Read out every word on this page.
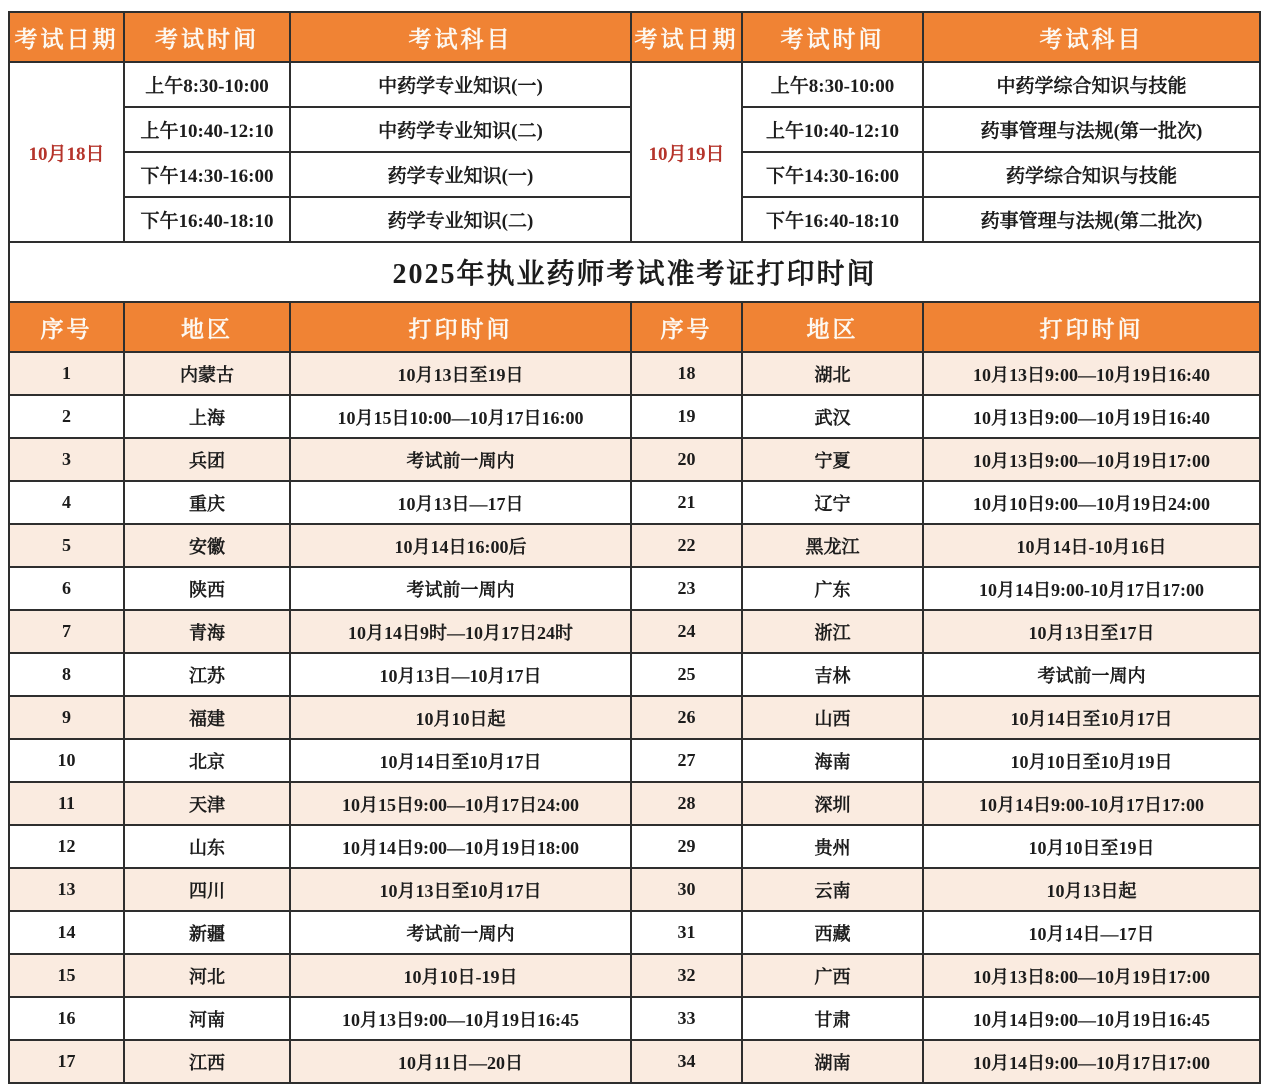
考试日期	考试时间	考试科目	考试日期	考试时间	考试科目
10月18日	上午8:30-10:00	中药学专业知识(一)	10月19日	上午8:30-10:00	中药学综合知识与技能
	上午10:40-12:10	中药学专业知识(二)		上午10:40-12:10	药事管理与法规(第一批次)
	下午14:30-16:00	药学专业知识(一)		下午14:30-16:00	药学综合知识与技能
	下午16:40-18:10	药学专业知识(二)		下午16:40-18:10	药事管理与法规(第二批次)
2025年执业药师考试准考证打印时间					
序号	地区	打印时间	序号	地区	打印时间
1	内蒙古	10月13日至19日	18	湖北	10月13日9:00—10月19日16:40
2	上海	10月15日10:00—10月17日16:00	19	武汉	10月13日9:00—10月19日16:40
3	兵团	考试前一周内	20	宁夏	10月13日9:00—10月19日17:00
4	重庆	10月13日—17日	21	辽宁	10月10日9:00—10月19日24:00
5	安徽	10月14日16:00后	22	黑龙江	10月14日-10月16日
6	陕西	考试前一周内	23	广东	10月14日9:00-10月17日17:00
7	青海	10月14日9时—10月17日24时	24	浙江	10月13日至17日
8	江苏	10月13日—10月17日	25	吉林	考试前一周内
9	福建	10月10日起	26	山西	10月14日至10月17日
10	北京	10月14日至10月17日	27	海南	10月10日至10月19日
11	天津	10月15日9:00—10月17日24:00	28	深圳	10月14日9:00-10月17日17:00
12	山东	10月14日9:00—10月19日18:00	29	贵州	10月10日至19日
13	四川	10月13日至10月17日	30	云南	10月13日起
14	新疆	考试前一周内	31	西藏	10月14日—17日
15	河北	10月10日-19日	32	广西	10月13日8:00—10月19日17:00
16	河南	10月13日9:00—10月19日16:45	33	甘肃	10月14日9:00—10月19日16:45
17	江西	10月11日—20日	34	湖南	10月14日9:00—10月17日17:00
